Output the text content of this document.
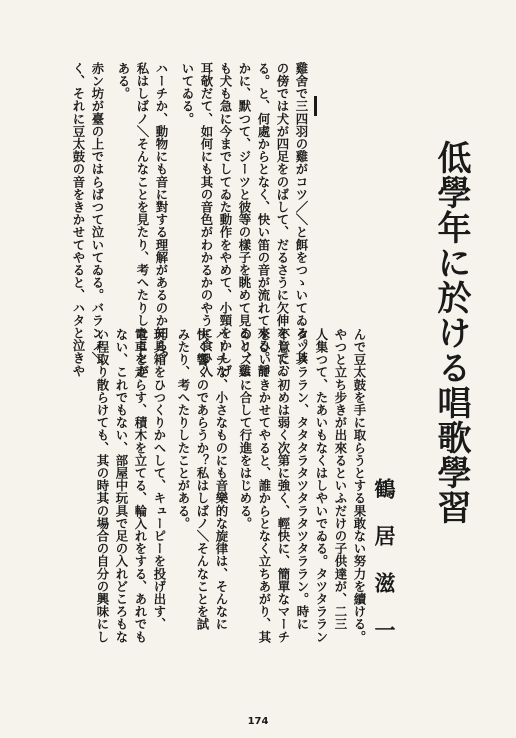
低學年に於ける唱歌學習
鶴居滋一
雞舍で三四羽の雞がコツ／＼と餌をつゝいてゐる。其
の傍では犬が四足をのばして、だるさうに欠伸をしてゐ
る。と、何處からとなく、快い笛の音が流れて來る。靜
かに、默つて、ジーツと彼等の樣子を眺めて見ると、雞
も犬も急に今までしてゐた動作をやめて、小頸をかしげ
耳欹だて、如何にも其の音色がわかるかのやうに食ひ入
いてゐる。
ハーチか、動物にも音に對する理解があるのか知ら？
私はしばノ＼そんなことを見たり、考へたりしたことが
ある。
赤ン坊が臺の上ではらばつて泣いてゐる。バランノ＼
く、それに豆太鼓の音をきかせてやると、ハタと泣きや
んで豆太鼓を手に取らうとする果敢ない努力を續ける。
やつと立ち步きが出來るといふだけの子供達が、二三
人集つて、たあいもなくはしやいでゐる。タツタララン
タツタララン、タタタラタツタラタツタララン。時に
不意に、初めは弱く次第に強く、輕快に、簡單なマーチ
をひいてきかせてやると、誰からとなく立ちあがり、其
のリズムに合して行進をはじめる。
ハーチな、小さなものにも音樂的な旋律は、そんなに
快く響くのであらうか？私はしばノ＼そんなことを試
みたり、考へたりしたことがある。
玩具箱をひつくりかへして、キューピーを投げ出す、
電車を走らす、積木を立てる、輪入れをする、あれでも
ない、これでもない、部屋中玩具で足の入れどころもな
い程取り散らけても、其の時其の場合の自分の興味にし
174
